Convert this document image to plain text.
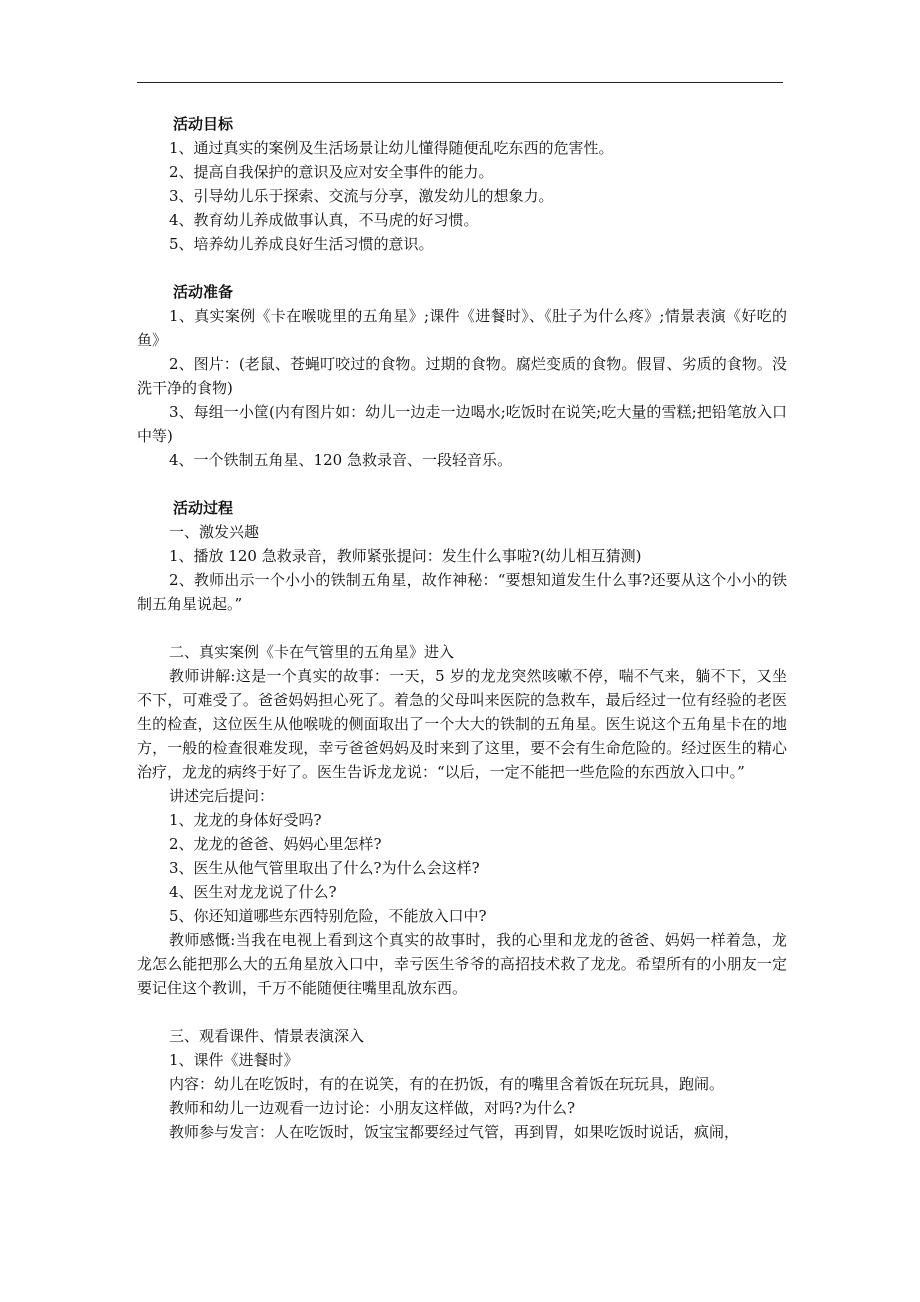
活动目标

1、通过真实的案例及生活场景让幼儿懂得随便乱吃东西的危害性。

2、提高自我保护的意识及应对安全事件的能力。

3、引导幼儿乐于探索、交流与分享，激发幼儿的想象力。

4、教育幼儿养成做事认真，不马虎的好习惯。

5、培养幼儿养成良好生活习惯的意识。

活动准备

1、真实案例《卡在喉咙里的五角星》;课件《进餐时》、《肚子为什么疼》;情景表演《好吃的鱼》

2、图片：(老鼠、苍蝇叮咬过的食物。过期的食物。腐烂变质的食物。假冒、劣质的食物。没洗干净的食物)

3、每组一小筐(内有图片如：幼儿一边走一边喝水;吃饭时在说笑;吃大量的雪糕;把铅笔放入口中等)

4、一个铁制五角星、120 急救录音、一段轻音乐。

活动过程

一、激发兴趣

1、播放 120 急救录音，教师紧张提问：发生什么事啦?(幼儿相互猜测)

2、教师出示一个小小的铁制五角星，故作神秘：“要想知道发生什么事?还要从这个小小的铁制五角星说起。”

二、真实案例《卡在气管里的五角星》进入

教师讲解:这是一个真实的故事：一天，5 岁的龙龙突然咳嗽不停，喘不气来，躺不下，又坐不下，可难受了。爸爸妈妈担心死了。着急的父母叫来医院的急救车，最后经过一位有经验的老医生的检查，这位医生从他喉咙的侧面取出了一个大大的铁制的五角星。医生说这个五角星卡在的地方，一般的检查很难发现，幸亏爸爸妈妈及时来到了这里，要不会有生命危险的。经过医生的精心治疗，龙龙的病终于好了。医生告诉龙龙说：“以后，一定不能把一些危险的东西放入口中。”

讲述完后提问：

1、龙龙的身体好受吗?

2、龙龙的爸爸、妈妈心里怎样?

3、医生从他气管里取出了什么?为什么会这样?

4、医生对龙龙说了什么?

5、你还知道哪些东西特别危险，不能放入口中?

教师感慨:当我在电视上看到这个真实的故事时，我的心里和龙龙的爸爸、妈妈一样着急，龙龙怎么能把那么大的五角星放入口中，幸亏医生爷爷的高招技术救了龙龙。希望所有的小朋友一定要记住这个教训，千万不能随便往嘴里乱放东西。

三、观看课件、情景表演深入

1、课件《进餐时》

内容：幼儿在吃饭时，有的在说笑，有的在扔饭，有的嘴里含着饭在玩玩具，跑闹。

教师和幼儿一边观看一边讨论：小朋友这样做，对吗?为什么?

教师参与发言：人在吃饭时，饭宝宝都要经过气管，再到胃，如果吃饭时说话，疯闹，
